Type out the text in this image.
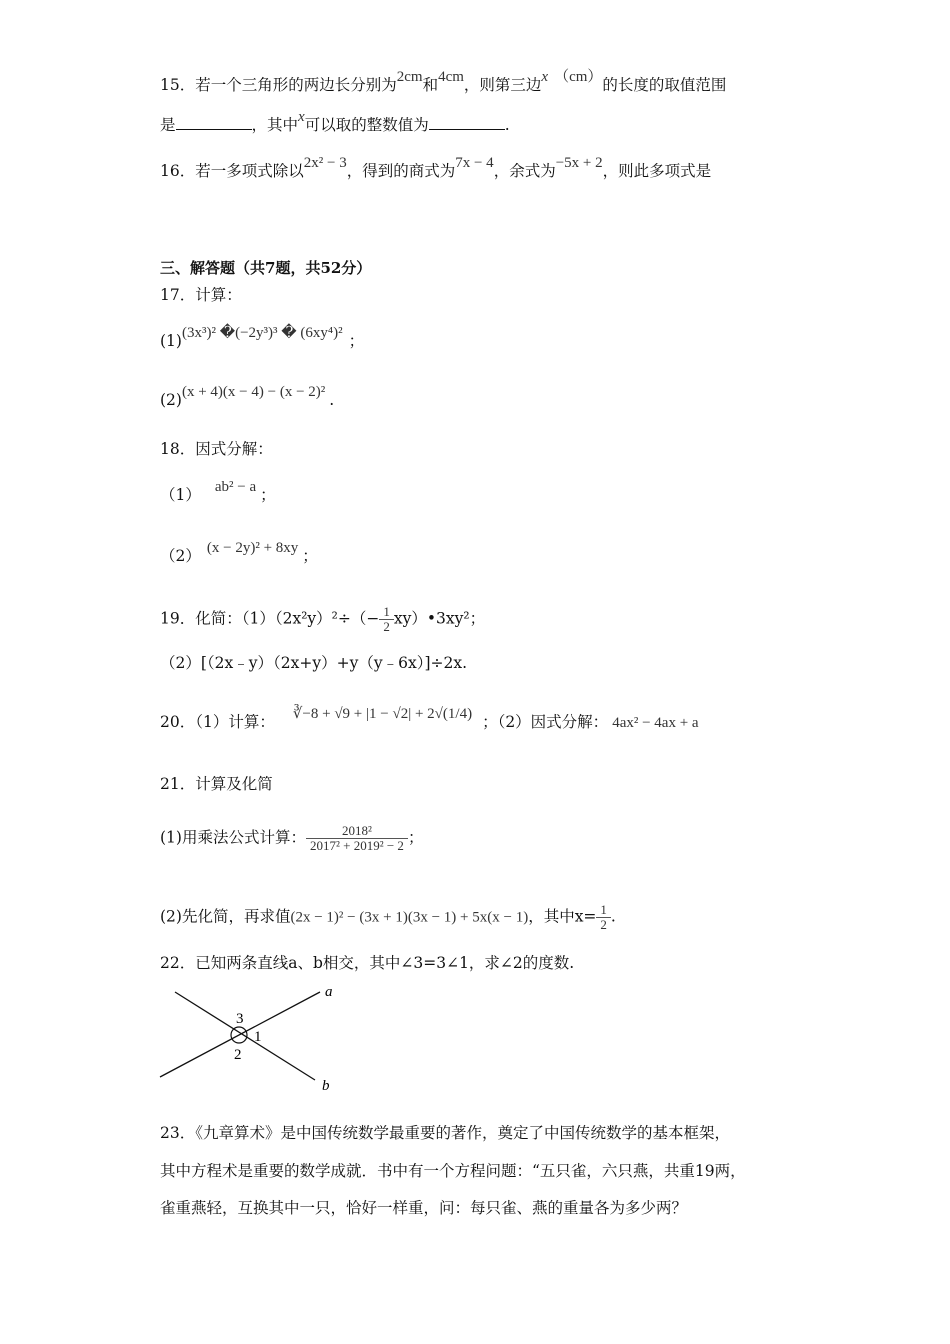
15．若一个三角形的两边长分别为2cm和4cm，则第三边x （cm）的长度的取值范围
是	，其中x可以取的整数值为	.
16．若一多项式除以2x² − 3，得到的商式为7x − 4，余式为−5x + 2，则此多项式是
三、解答题（共7题，共52分）
17．计算：
(1)(3x³)² �(−2y³)³ � (6xy⁴)² ；
(2)(x + 4)(x − 4) − (x − 2)² .
18．因式分解：
（1） ab² − a ；
（2） (x − 2y)² + 8xy ；
19．化简：$(1)(2x^2y)^2\div(- \frac{1}{2}$ xy）•3xy²；
（2）[（2x﹣y）（2x+y）+y（y﹣6x）]÷2x.
20．（1）计算： ∛−8 + √9 + |1 − √2| + 2√(1/4) ；（2）因式分解： 4ax² − 4ax + a
21．计算及化简
(1)用乘法公式计算： $\frac{\text{2018²}}{\text{2017² + 2019² − 2}}$ ；
(2)先化简，再求值(2x − 1)² − (3x + 1)(3x − 1) + 5x(x − 1)，其中$x= \frac{1}{2}$ .
22．已知两条直线a、b相交，其中∠3=3∠1，求∠2的度数.
a
b
3
1
2
23．《九章算术》是中国传统数学最重要的著作，奠定了中国传统数学的基本框架，
其中方程术是重要的数学成就．书中有一个方程问题：“五只雀，六只燕，共重19两，
雀重燕轻，互换其中一只，恰好一样重，问：每只雀、燕的重量各为多少两？
